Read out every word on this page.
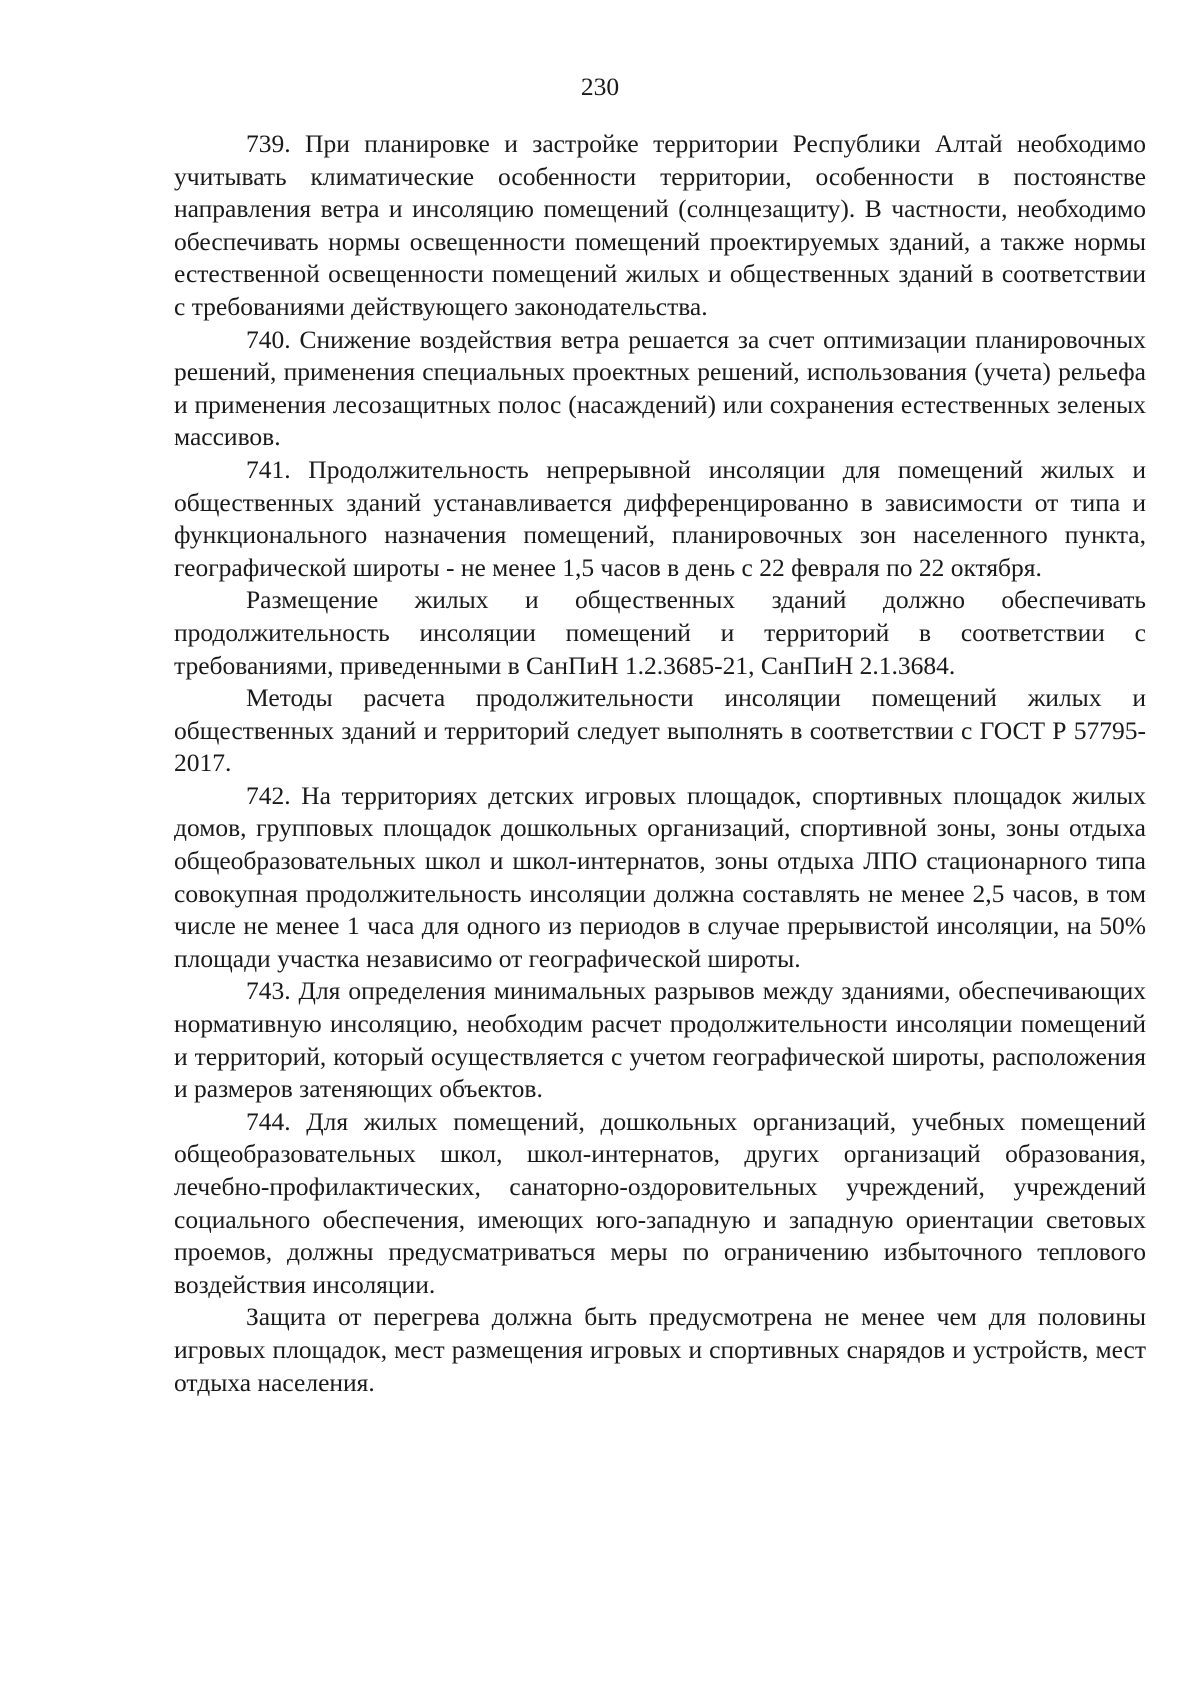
230

739. При планировке и застройке территории Республики Алтай необходимо учитывать климатические особенности территории, особенности в постоянстве направления ветра и инсоляцию помещений (солнцезащиту). В частности, необходимо обеспечивать нормы освещенности помещений проектируемых зданий, а также нормы естественной освещенности помещений жилых и общественных зданий в соответствии с требованиями действующего законодательства.

740. Снижение воздействия ветра решается за счет оптимизации планировочных решений, применения специальных проектных решений, использования (учета) рельефа и применения лесозащитных полос (насаждений) или сохранения естественных зеленых массивов.

741. Продолжительность непрерывной инсоляции для помещений жилых и общественных зданий устанавливается дифференцированно в зависимости от типа и функционального назначения помещений, планировочных зон населенного пункта, географической широты - не менее 1,5 часов в день с 22 февраля по 22 октября.

Размещение жилых и общественных зданий должно обеспечивать продолжительность инсоляции помещений и территорий в соответствии с требованиями, приведенными в СанПиН 1.2.3685-21, СанПиН 2.1.3684.

Методы расчета продолжительности инсоляции помещений жилых и общественных зданий и территорий следует выполнять в соответствии с ГОСТ Р 57795-2017.

742. На территориях детских игровых площадок, спортивных площадок жилых домов, групповых площадок дошкольных организаций, спортивной зоны, зоны отдыха общеобразовательных школ и школ-интернатов, зоны отдыха ЛПО стационарного типа совокупная продолжительность инсоляции должна составлять не менее 2,5 часов, в том числе не менее 1 часа для одного из периодов в случае прерывистой инсоляции, на 50% площади участка независимо от географической широты.

743. Для определения минимальных разрывов между зданиями, обеспечивающих нормативную инсоляцию, необходим расчет продолжительности инсоляции помещений и территорий, который осуществляется с учетом географической широты, расположения и размеров затеняющих объектов.

744. Для жилых помещений, дошкольных организаций, учебных помещений общеобразовательных школ, школ-интернатов, других организаций образования, лечебно-профилактических, санаторно-оздоровительных учреждений, учреждений социального обеспечения, имеющих юго-западную и западную ориентации световых проемов, должны предусматриваться меры по ограничению избыточного теплового воздействия инсоляции.

Защита от перегрева должна быть предусмотрена не менее чем для половины игровых площадок, мест размещения игровых и спортивных снарядов и устройств, мест отдыха населения.
